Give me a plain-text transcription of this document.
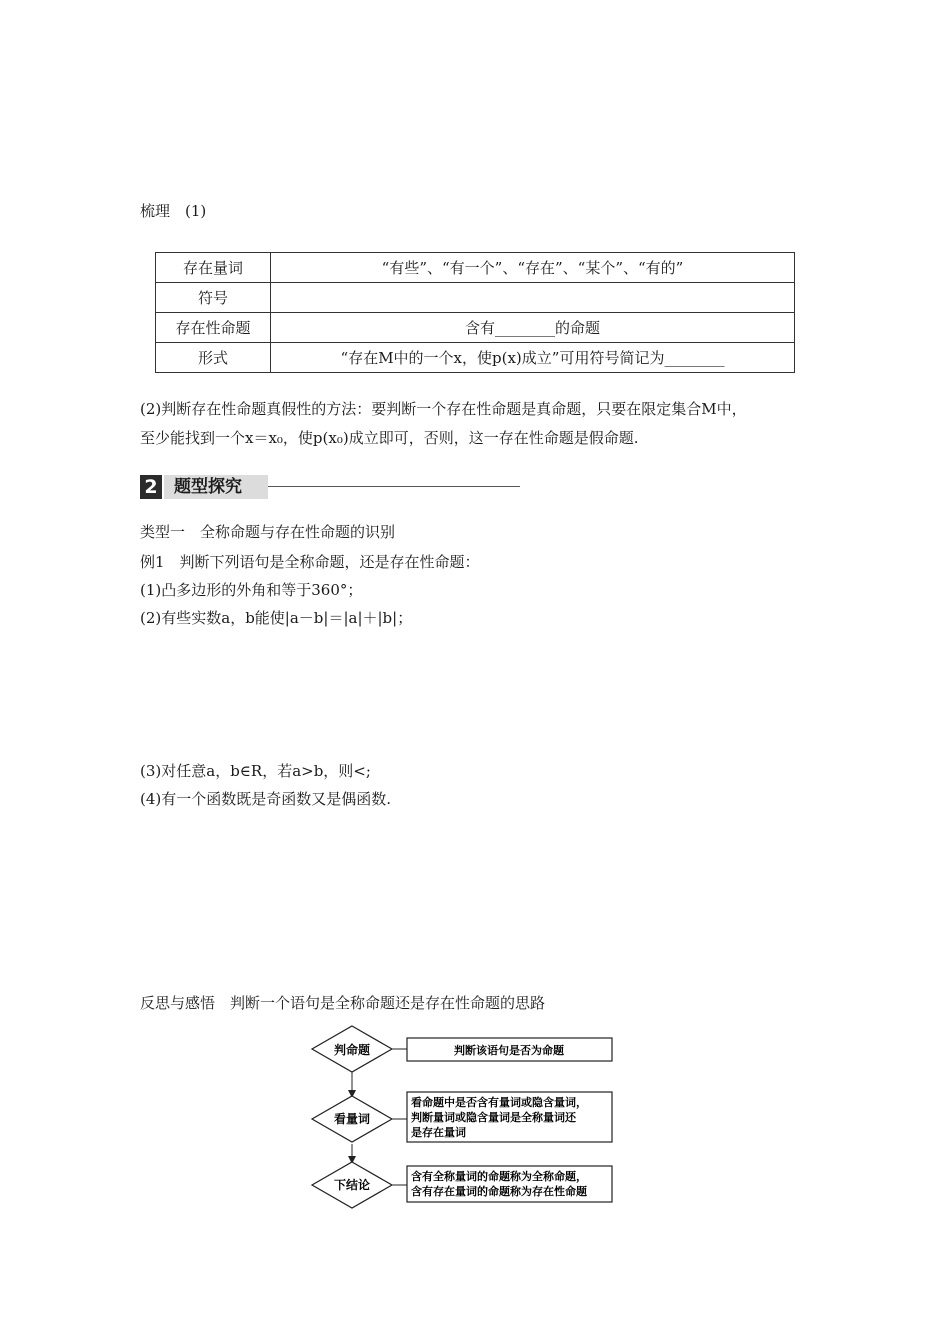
梳理　(1)
存在量词	“有些”、“有一个”、“存在”、“某个”、“有的”
符号	
存在性命题	含有________的命题
形式	“存在M中的一个x，使p(x)成立”可用符号简记为________
(2)判断存在性命题真假性的方法：要判断一个存在性命题是真命题，只要在限定集合M中，
至少能找到一个x＝x₀，使p(x₀)成立即可，否则，这一存在性命题是假命题.
2 题型探究
类型一　全称命题与存在性命题的识别
例1　判断下列语句是全称命题，还是存在性命题：
(1)凸多边形的外角和等于360°；
(2)有些实数a，b能使|a－b|＝|a|＋|b|；
(3)对任意a，b∈R，若a>b，则<;
(4)有一个函数既是奇函数又是偶函数.
反思与感悟　判断一个语句是全称命题还是存在性命题的思路
判命题	判断该语句是否为命题
看量词
看命题中是否含有量词或隐含量词，
判断量词或隐含量词是全称量词还
是存在量词
下结论
含有全称量词的命题称为全称命题，
含有存在量词的命题称为存在性命题
